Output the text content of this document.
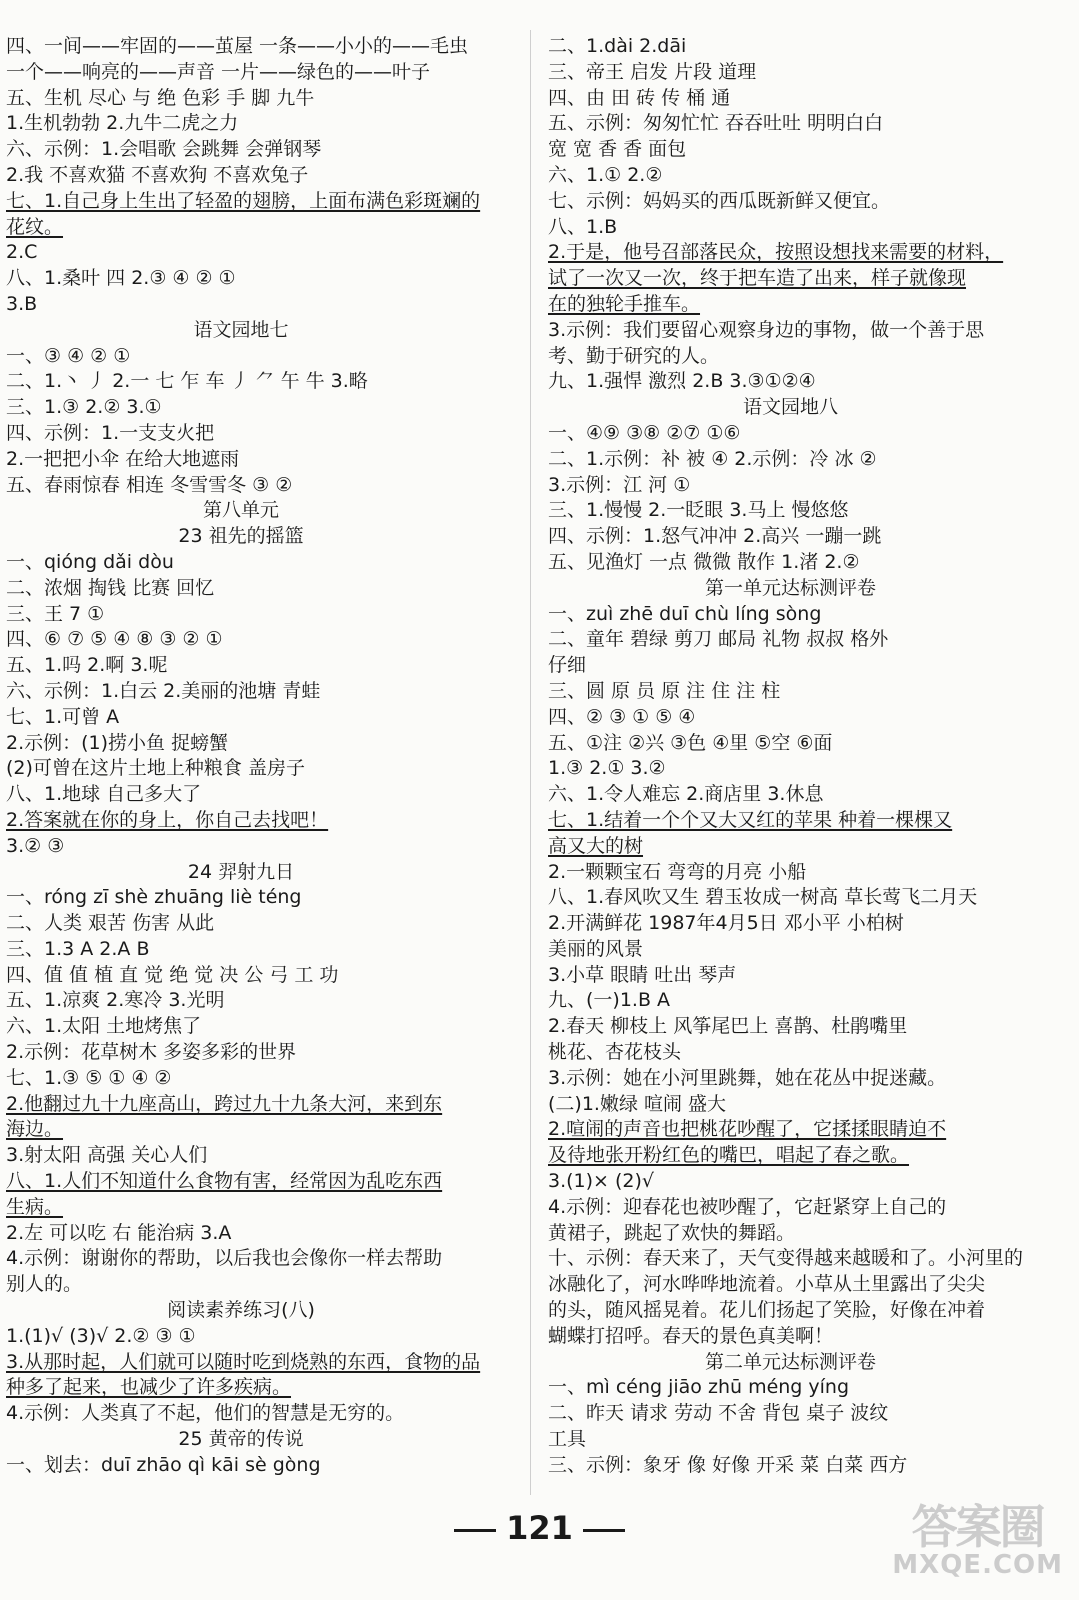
四、一间——牢固的——茧屋 一条——小小的——毛虫
一个——响亮的——声音 一片——绿色的——叶子
五、生机 尽心 与 绝 色彩 手 脚 九牛
1.生机勃勃 2.九牛二虎之力
六、示例：1.会唱歌 会跳舞 会弹钢琴
2.我 不喜欢猫 不喜欢狗 不喜欢兔子
七、1.自己身上生出了轻盈的翅膀，上面布满色彩斑斓的
花纹。
2.C
八、1.桑叶 四 2.③ ④ ② ①
3.B
语文园地七
一、③ ④ ② ①
二、1.丶 丿 2.一 七 乍 车 丿 ⺈ 午 牛 3.略
三、1.③ 2.② 3.①
四、示例：1.一支支火把
2.一把把小伞 在给大地遮雨
五、春雨惊春 相连 冬雪雪冬 ③ ②
第八单元
23 祖先的摇篮
一、qióng dǎi dòu
二、浓烟 掏钱 比赛 回忆
三、王 7 ①
四、⑥ ⑦ ⑤ ④ ⑧ ③ ② ①
五、1.吗 2.啊 3.呢
六、示例：1.白云 2.美丽的池塘 青蛙
七、1.可曾 A
2.示例：(1)捞小鱼 捉螃蟹
(2)可曾在这片土地上种粮食 盖房子
八、1.地球 自己多大了
2.答案就在你的身上，你自己去找吧！
3.② ③
24 羿射九日
一、róng zī shè zhuāng liè téng
二、人类 艰苦 伤害 从此
三、1.3 A 2.A B
四、值 值 植 直 觉 绝 觉 决 公 弓 工 功
五、1.凉爽 2.寒冷 3.光明
六、1.太阳 土地烤焦了
2.示例：花草树木 多姿多彩的世界
七、1.③ ⑤ ① ④ ②
2.他翻过九十九座高山，跨过九十九条大河，来到东
海边。
3.射太阳 高强 关心人们
八、1.人们不知道什么食物有害，经常因为乱吃东西
生病。
2.左 可以吃 右 能治病 3.A
4.示例：谢谢你的帮助，以后我也会像你一样去帮助
别人的。
阅读素养练习(八)
1.(1)√ (3)√ 2.② ③ ①
3.从那时起，人们就可以随时吃到烧熟的东西，食物的品
种多了起来，也减少了许多疾病。
4.示例：人类真了不起，他们的智慧是无穷的。
25 黄帝的传说
一、划去：duī zhāo qì kāi sè gòng
二、1.dài 2.dāi
三、帝王 启发 片段 道理
四、由 田 砖 传 桶 通
五、示例：匆匆忙忙 吞吞吐吐 明明白白
宽 宽 香 香 面包
六、1.① 2.②
七、示例：妈妈买的西瓜既新鲜又便宜。
八、1.B
2.于是，他号召部落民众，按照设想找来需要的材料，
试了一次又一次，终于把车造了出来，样子就像现
在的独轮手推车。
3.示例：我们要留心观察身边的事物，做一个善于思
考、勤于研究的人。
九、1.强悍 激烈 2.B 3.③①②④
语文园地八
一、④⑨ ③⑧ ②⑦ ①⑥
二、1.示例：补 被 ④ 2.示例：冷 冰 ②
3.示例：江 河 ①
三、1.慢慢 2.一眨眼 3.马上 慢悠悠
四、示例：1.怒气冲冲 2.高兴 一蹦一跳
五、见渔灯 一点 微微 散作 1.渚 2.②
第一单元达标测评卷
一、zuì zhē duī chù líng sòng
二、童年 碧绿 剪刀 邮局 礼物 叔叔 格外
仔细
三、圆 原 员 原 注 住 注 柱
四、② ③ ① ⑤ ④
五、①注 ②兴 ③色 ④里 ⑤空 ⑥面
1.③ 2.① 3.②
六、1.令人难忘 2.商店里 3.休息
七、1.结着一个个又大又红的苹果 种着一棵棵又
高又大的树
2.一颗颗宝石 弯弯的月亮 小船
八、1.春风吹又生 碧玉妆成一树高 草长莺飞二月天
2.开满鲜花 1987年4月5日 邓小平 小柏树
美丽的风景
3.小草 眼睛 吐出 琴声
九、(一)1.B A
2.春天 柳枝上 风筝尾巴上 喜鹊、杜鹃嘴里
桃花、杏花枝头
3.示例：她在小河里跳舞，她在花丛中捉迷藏。
(二)1.嫩绿 喧闹 盛大
2.喧闹的声音也把桃花吵醒了，它揉揉眼睛迫不
及待地张开粉红色的嘴巴，唱起了春之歌。
3.(1)× (2)√
4.示例：迎春花也被吵醒了，它赶紧穿上自己的
黄裙子，跳起了欢快的舞蹈。
十、示例：春天来了，天气变得越来越暖和了。小河里的
冰融化了，河水哗哗地流着。小草从土里露出了尖尖
的头，随风摇晃着。花儿们扬起了笑脸，好像在冲着
蝴蝶打招呼。春天的景色真美啊！
第二单元达标测评卷
一、mì céng jiāo zhū méng yíng
二、昨天 请求 劳动 不舍 背包 桌子 波纹
工具
三、示例：象牙 像 好像 开采 菜 白菜 西方
121	答案圈
MXQE.COM
